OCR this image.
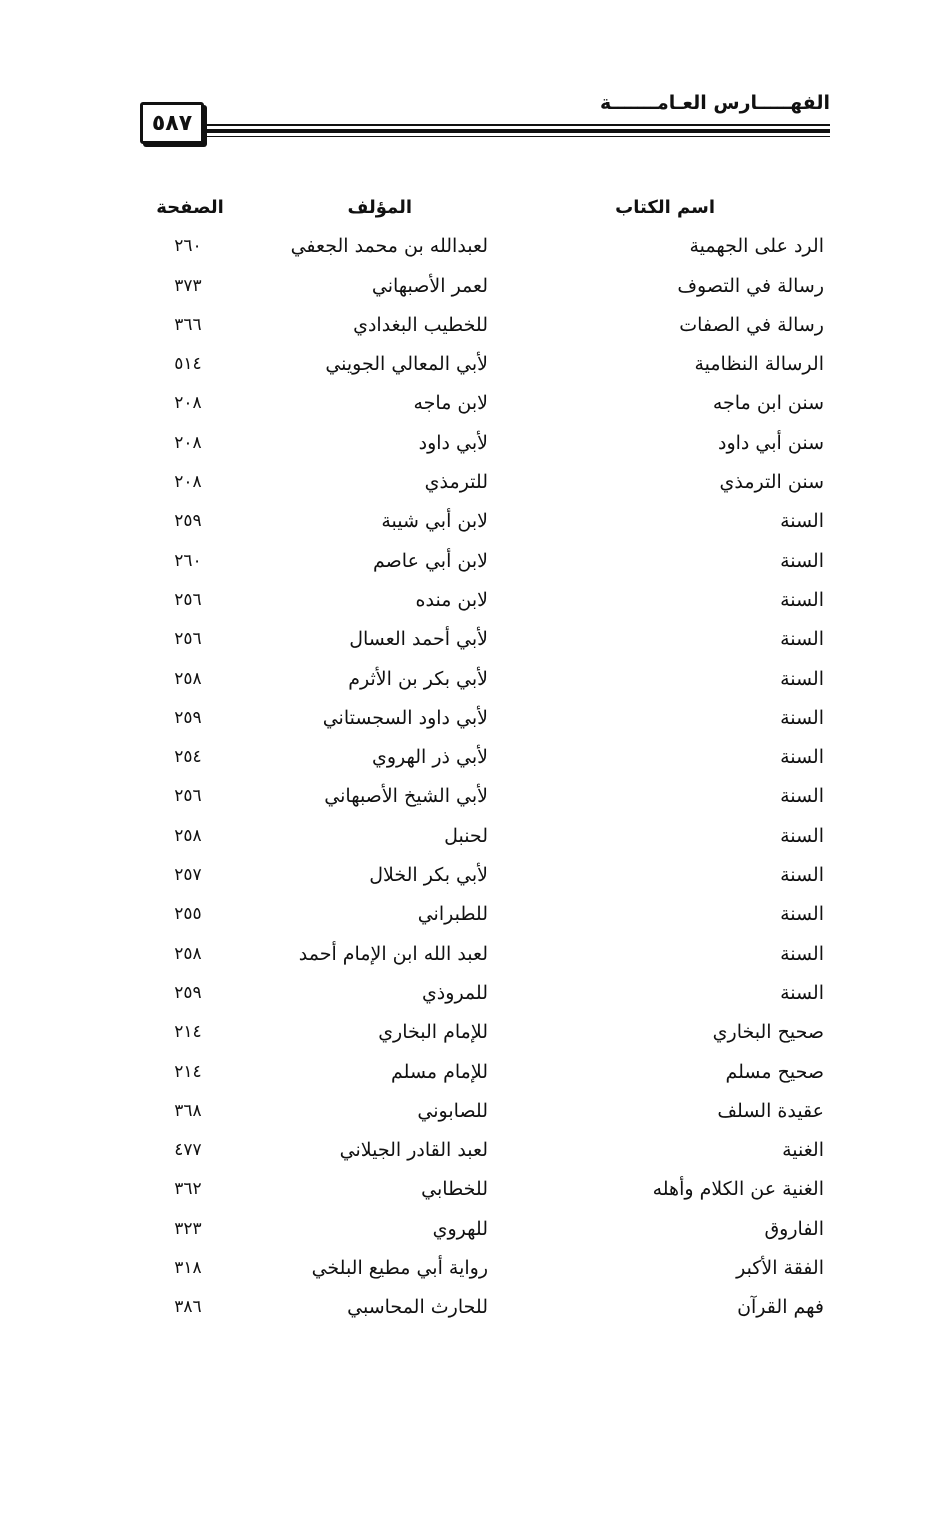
٥٨٧
الفهـــــارس العـامـــــــة
اسم الكتاب
المؤلف
الصفحة
الرد على الجهمية
لعبدالله بن محمد الجعفي
٢٦٠
رسالة في التصوف
لعمر الأصبهاني
٣٧٣
رسالة في الصفات
للخطيب البغدادي
٣٦٦
الرسالة النظامية
لأبي المعالي الجويني
٥١٤
سنن ابن ماجه
لابن ماجه
٢٠٨
سنن أبي داود
لأبي داود
٢٠٨
سنن الترمذي
للترمذي
٢٠٨
السنة
لابن أبي شيبة
٢٥٩
السنة
لابن أبي عاصم
٢٦٠
السنة
لابن منده
٢٥٦
السنة
لأبي أحمد العسال
٢٥٦
السنة
لأبي بكر بن الأثرم
٢٥٨
السنة
لأبي داود السجستاني
٢٥٩
السنة
لأبي ذر الهروي
٢٥٤
السنة
لأبي الشيخ الأصبهاني
٢٥٦
السنة
لحنبل
٢٥٨
السنة
لأبي بكر الخلال
٢٥٧
السنة
للطبراني
٢٥٥
السنة
لعبد الله ابن الإمام أحمد
٢٥٨
السنة
للمروذي
٢٥٩
صحيح البخاري
للإمام البخاري
٢١٤
صحيح مسلم
للإمام مسلم
٢١٤
عقيدة السلف
للصابوني
٣٦٨
الغنية
لعبد القادر الجيلاني
٤٧٧
الغنية عن الكلام وأهله
للخطابي
٣٦٢
الفاروق
للهروي
٣٢٣
الفقة الأكبر
رواية أبي مطيع البلخي
٣١٨
فهم القرآن
للحارث المحاسبي
٣٨٦
